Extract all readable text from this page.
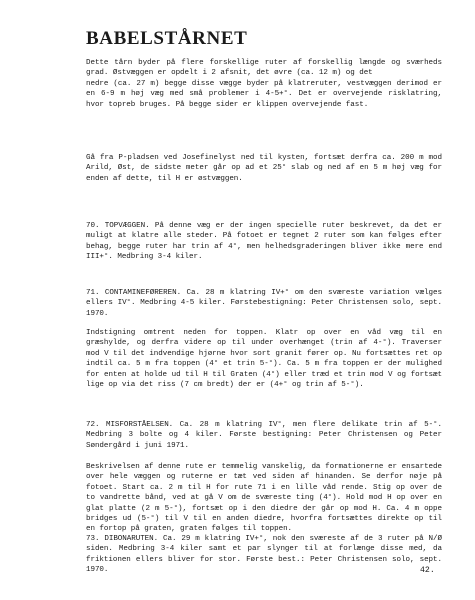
BABELSTÅRNET
Dette tårn byder på flere forskellige ruter af forskellig længde og sværheds grad. Østvæggen er opdelt i 2 afsnit, det øvre (ca. 12 m) og det
nedre (ca. 27 m) begge disse vægge byder på klatreruter, vestvæggen derimod er en 6-9 m høj væg med små problemer i 4-5+°. Det er overvejende risklatring, hvor topreb bruges. På begge sider er klippen overvejende fast.
Gå fra P-pladsen ved Josefinelyst ned til kysten, fortsæt derfra ca. 200 m mod Arild, Øst, de sidste meter går op ad et 25° slab og ned af en 5 m høj væg for enden af dette, til H er østvæggen.
70. TOPVÆGGEN. På denne væg er der ingen specielle ruter beskrevet, da det er muligt at klatre alle steder. På fotoet er tegnet 2 ruter som kan følges efter behag, begge ruter har trin af 4°, men helhedsgraderingen bliver ikke mere end III+°. Medbring 3-4 kiler.
71. CONTAMINEFØREREN. Ca. 28 m klatring IV+° om den sværeste variation vælges ellers IV°. Medbring 4-5 kiler. Førstebestigning: Peter Christensen solo, sept. 1970.
Indstigning omtrent neden for toppen. Klatr op over en våd væg til en græshylde, og derfra videre op til under overhænget (trin af 4-°). Traverser mod V til det indvendige hjørne hvor sort granit fører op. Nu fortsættes ret op indtil ca. 5 m fra toppen (4° et trin 5-°). Ca. 5 m fra toppen er der mulighed for enten at holde ud til H til Graten (4°) eller træd et trin mod V og fortsæt lige op via det riss (7 cm bredt) der er (4+° og trin af 5-°).
72. MISFORSTÅELSEN. Ca. 28 m klatring IV°, men flere delikate trin af 5-°. Medbring 3 bolte og 4 kiler. Første bestigning: Peter Christensen og Peter Søndergård i juni 1971.
Beskrivelsen af denne rute er temmelig vanskelig, da formationerne er ensartede over hele væggen og ruterne er tæt ved siden af hinanden. Se derfor nøje på fotoet. Start ca. 2 m til H for rute 71 i en lille våd rende. Stig op over de to vandrette bånd, ved at gå V om de sværeste ting (4°). Hold mod H op over en glat platte (2 m 5-°), fortsæt op i den diedre der går op mod H. Ca. 4 m oppe bridges ud (5-°) til V til en anden diedre, hvorfra fortsættes direkte op til en fortop på graten, graten følges til toppen.
73. DIBONARUTEN. Ca. 29 m klatring IV+°, nok den sværeste af de 3 ruter på N/Ø siden. Medbring 3-4 kiler samt et par slynger til at forlænge disse med, da friktionen ellers bliver for stor. Første best.: Peter Christensen solo, sept. 1970.	42.
